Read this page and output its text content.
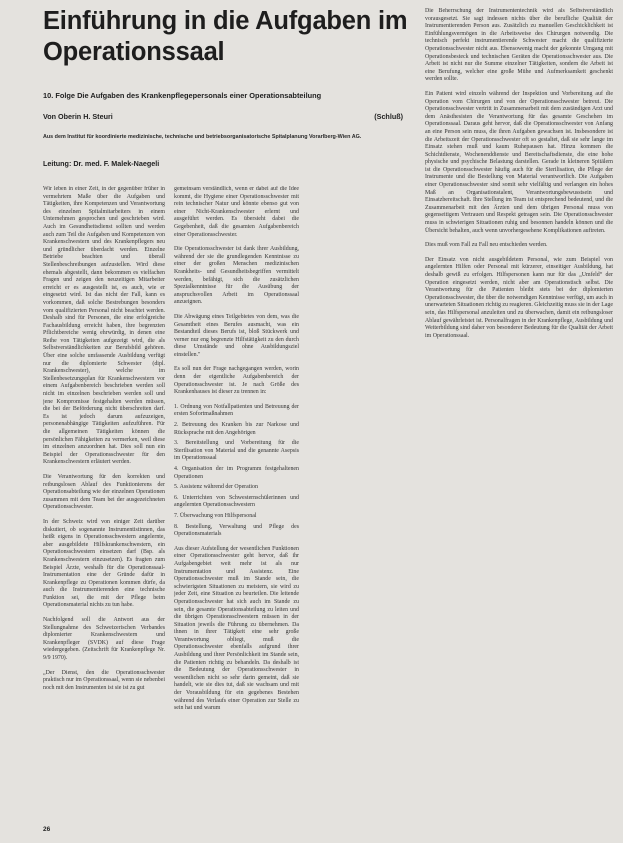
Einführung in die Aufgaben im Operationssaal
10. Folge Die Aufgaben des Krankenpflegepersonals einer Operationsabteilung
Von Oberin H. Steuri	(Schluß)
Aus dem Institut für koordinierte medizinische, technische und betriebsorganisatorische Spitalplanung Vorarlberg-Wien AG.
Leitung: Dr. med. F. Malek-Naegeli

Wir leben in einer Zeit, in der gegenüber früher in vermehrtem Maße über die Aufgaben und Tätigkeiten, ihre Kompetenzen und Verantwortung des einzelnen Spitalmitarbeiters in einem Unternehmen gesprochen und geschrieben wird. Auch im Gesundheitsdienst sollten und werden auch zum Teil die Aufgaben und Kompetenzen von Krankenschwestern und des Krankenpflegers neu und gründlicher überdacht werden. Einzelne Betriebe beachten und überall Stellenbeschreibungen aufzustellen. Wird diese ehemals abgestellt, dann bekommen es vielfachen Fragen und zeigen den neuzeitigen Mitarbeiter erreicht er es ausgestellt ist, es auch, wie er eingesetzt wird. Ist das nicht der Fall, kann es vorkommen, daß solche Bestrebungen besonders vom qualifizierten Personal nicht beachtet werden. Deshalb sind für Personen, die eine erfolgreiche Fachausbildung erreicht haben, ihre begrenzten Pflichtbereiche wenig ehrwürdig, in denen eine Reihe von Tätigkeiten aufgezeigt wird, die als Selbstverständlichkeiten zur Berufsbild gehören. Über eine solche umfassende Ausbildung verfügt nur die diplomierte Schwester (dipl. Krankenschwester), welche im Stellenbesetzungsplan für Krankenschwestern vor einem Aufgabenbereich beschrieben werden soll nicht im einzelnen beschrieben werden soll und jene Kompromisse festgehalten werden müssen, die bei der Beförderung nicht überschreiten darf. Es ist jedoch darum aufzuzeigen, personenabhängige Tätigkeiten aufzuführen. Für die allgemeinen Tätigkeiten können die persönlichen Fähigkeiten zu vermerken, weil diese im einzelnen anzuordnen hat. Dies soll nun ein Beispiel der Operationsschwester für den Krankenschwestern erläutert werden.

Die Verantwortung für den korrekten und reibungslosen Ablauf des Funktionierens der Operationsabteilung wie der einzelnen Operationen zusammen mit dem Team bei der ausgezeichneten Operationsschwester.

In der Schweiz wird von einiger Zeit darüber diskutiert, ob sogenannte Instrumentistinnen, das heißt eigens in Operationsschwestern angelernte, aber ausgebildete Hilfskrankenschwestern, ein Operationsschwestern einsetzen darf (Bsp. als Krankenschwestern einzusetzen). Es fragten zum Beispiel Ärzte, weshalb für die Operationssaal-Instrumentation eine der Gründe dafür in Krankenpflege zu Operationen kommen dürfe, da auch die Instrumentierenden eine technische Funktion sei, die mit der Pflege beim Operationsmaterial nichts zu tun habe.

Nachfolgend soll die Antwort aus der Stellungnahme des Schweizerischen Verbandes diplomierter Krankenschwestern und Krankenpfleger (SVDK) auf diese Frage wiedergegeben. (Zeitschrift für Krankenpflege Nr. 9/9 1970).

„Der Dienst, den die Operationsschwester praktisch nur im Operationssaal, wenn sie nebenbei noch mit den Instrumenten ist sie ist zu gut

gemeinsam verständlich, wenn er dabei auf die Idee kommt, die Hygiene einer Operationsschwester mit rein technischer Natur und könnte ebenso gut von einer Nicht-Krankenschwester erlernt und ausgeführt werden. Es übersieht dabei die Gegebenheit, daß die gesamten Aufgabenbereich einer Operationsschwester.

Die Operationsschwester ist dank ihrer Ausbildung, während der sie die grundlegenden Kenntnisse zu einer der großen Menschen medizinischen Krankheits- und Gesundheitsbegriffen vermittelt werden, befähigt, sich die zusätzlichen Spezialkenntnisse für die Ausübung der anspruchsvollen Arbeit im Operationssaal anzueignen.

Die Abwägung eines Teilgebietes von dem, was die Gesamtheit eines Berufes ausmacht, was ein Bestandteil dieses Berufs ist, bloß Stückwerk und verner nur eng begrenzte Hilfstätigkeit zu den durch diese Umstände und ohne Ausbildungsziel einstellen."

Es soll nun der Frage nachgegangen werden, worin denn der eigentliche Aufgabenbereich der Operationsschwester ist. Je nach Größe des Krankenhauses ist dieser zu trennen in:

1. Ordnung von Notfallpatienten und Betreuung der ersten Sofortmaßnahmen
2. Betreuung des Kranken bis zur Narkose und Rücksprache mit den Angehörigen
3. Bereitstellung und Vorbereitung für die Sterilisation von Material und die genannte Asepsis im Operationssaal
4. Organisation der im Programm festgehaltenen Operationen
5. Assistenz während der Operation
6. Unterrichten von Schwesternschülerinnen und angelernten Operationsschwestern
7. Überwachung von Hilfspersonal
8. Bestellung, Verwaltung und Pflege des Operationsmaterials

Aus dieser Aufstellung der wesentlichen Funktionen einer Operationsschwester geht hervor, daß ihr Aufgabengebiet weit mehr ist als nur Instrumentation und Assistenz. Eine Operationsschwester muß im Stande sein, die schwierigsten Situationen zu meistern, sie wird zu jeder Zeit, eine Situation zu beurteilen. Die leitende Operationsschwester hat sich auch im Stande zu sein, die gesamte Operationsabteilung zu leiten und die übrigen Operationsschwestern müssen in der Situation jeweils die Führung zu übernehmen. Da ihnen in ihrer Tätigkeit eine sehr große Verantwortung obliegt, muß die Operationsschwester ebenfalls aufgrund ihrer Ausbildung und ihrer Persönlichkeit im Stande sein, die Patienten richtig zu behandeln. Da deshalb ist die Bedeutung der Operationsschwester in wesentlichen nicht so sehr darin gemeint, daß sie handelt, wie sie dies tut, daß sie wachsam und mit der Vorausbildung für ein gegebenes Bestehen während des Verlaufs einer Operation zur Stelle zu sein hat und warum

Die Beherrschung der Instrumententechnik wird als Selbstverständlich vorausgesetzt. Sie sagt indessen nichts über die berufliche Qualität der Instrumentierenden Person aus. Zusätzlich zu manuellen Geschicklichkeit ist Einfühlungsvermögen in die Arbeitsweise des Chirurgen notwendig. Die technisch perfekt instrumentierende Schwester macht die qualifizierte Operationsschwester nicht aus. Ebensowenig macht der gekonnte Umgang mit Operationsbesteck und technischen Geräten die Operationsschwester aus. Die Arbeit ist nicht nur die Summe einzelner Tätigkeiten, sondern die Arbeit ist eine Berufung, welcher eine große Mühe und Aufmerksamkeit geschenkt werden sollte.

Ein Patient wird einzeln während der Inspektion und Vorbereitung auf die Operation vom Chirurgen und von der Operationsschwester betreut. Die Operationsschwester vertritt in Zusammenarbeit mit dem zuständigen Arzt und dem Anästhesisten die Verantwortung für das gesamte Geschehen im Operationssaal. Daraus geht hervor, daß die Operationsschwester von Anfang an eine Person sein muss, die ihren Aufgaben gewachsen ist. Insbesondere ist die Arbeitszeit der Operationsschwester oft so gestaltet, daß sie sehr lange im Einsatz stehen muß und kaum Ruhepausen hat. Hinzu kommen die Schichtdienste, Wochenenddienste und Bereitschaftsdienste, die eine hohe physische und psychische Belastung darstellen. Gerade in kleineren Spitälern ist die Operationsschwester häufig auch für die Sterilisation, die Pflege der Instrumente und die Bestellung von Material verantwortlich. Die Aufgaben einer Operationsschwester sind somit sehr vielfältig und verlangen ein hohes Maß an Organisationstalent, Verantwortungsbewusstsein und Einsatzbereitschaft. Ihre Stellung im Team ist entsprechend bedeutend, und die Zusammenarbeit mit den Ärzten und dem übrigen Personal muss von gegenseitigem Vertrauen und Respekt getragen sein. Die Operationsschwester muss in schwierigen Situationen ruhig und besonnen handeln können und die Übersicht behalten, auch wenn unvorhergesehene Komplikationen auftreten.

Dies muß vom Fall zu Fall neu entschieden werden.

Der Einsatz von nicht ausgebildetem Personal, wie zum Beispiel von angelernten Hilfen oder Personal mit kürzerer, einseitiger Ausbildung, hat deshalb gewiß zu erfolgen. Hilfspersonen kann nur für das „Umfeld“ der Operation eingesetzt werden, nicht aber am Operationstisch selbst. Die Verantwortung für die Patienten bleibt stets bei der diplomierten Operationsschwester, die über die notwendigen Kenntnisse verfügt, um auch in unerwarteten Situationen richtig zu reagieren. Gleichzeitig muss sie in der Lage sein, das Hilfspersonal anzuleiten und zu überwachen, damit ein reibungsloser Ablauf gewährleistet ist. Personalfragen in der Krankenpflege, Ausbildung und Weiterbildung sind daher von besonderer Bedeutung für die Qualität der Arbeit im Operationssaal.

26
